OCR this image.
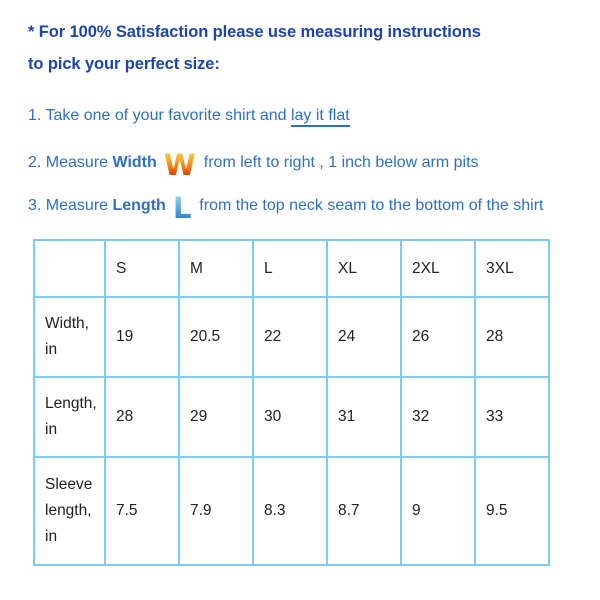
* For 100% Satisfaction please use measuring instructions
to pick your perfect size:

1. Take one of your favorite shirt and lay it flat

2. Measure Width W from left to right , 1 inch below arm pits

3. Measure Length L from the top neck seam to the bottom of the shirt

	S	M	L	XL	2XL	3XL
Width, in	19	20.5	22	24	26	28
Length, in	28	29	30	31	32	33
Sleeve length, in	7.5	7.9	8.3	8.7	9	9.5
